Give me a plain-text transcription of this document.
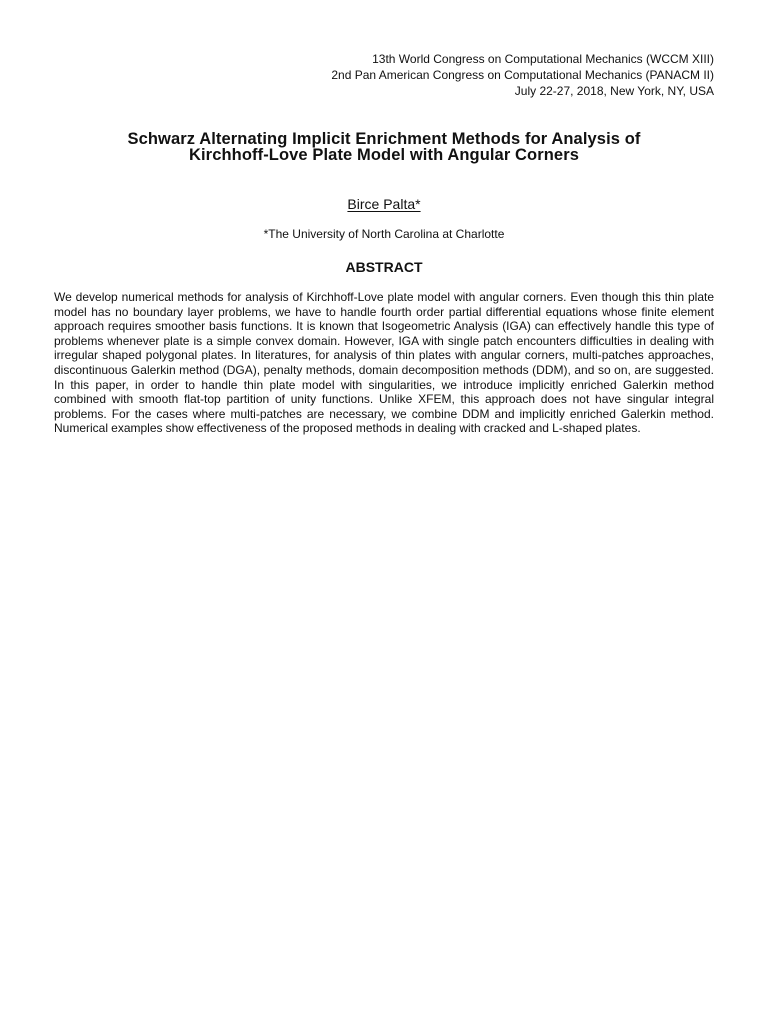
13th World Congress on Computational Mechanics (WCCM XIII)
2nd Pan American Congress on Computational Mechanics (PANACM II)
July 22-27, 2018, New York, NY, USA
Schwarz Alternating Implicit Enrichment Methods for Analysis of
Kirchhoff-Love Plate Model with Angular Corners
Birce Palta*
*The University of North Carolina at Charlotte
ABSTRACT
We develop numerical methods for analysis of Kirchhoff-Love plate model with angular corners. Even though this thin plate model has no boundary layer problems, we have to handle fourth order partial differential equations whose finite element approach requires smoother basis functions. It is known that Isogeometric Analysis (IGA) can effectively handle this type of problems whenever plate is a simple convex domain. However, IGA with single patch encounters difficulties in dealing with irregular shaped polygonal plates. In literatures, for analysis of thin plates with angular corners, multi-patches approaches, discontinuous Galerkin method (DGA), penalty methods, domain decomposition methods (DDM), and so on, are suggested. In this paper, in order to handle thin plate model with singularities, we introduce implicitly enriched Galerkin method combined with smooth flat-top partition of unity functions. Unlike XFEM, this approach does not have singular integral problems. For the cases where multi-patches are necessary, we combine DDM and implicitly enriched Galerkin method. Numerical examples show effectiveness of the proposed methods in dealing with cracked and L-shaped plates.
